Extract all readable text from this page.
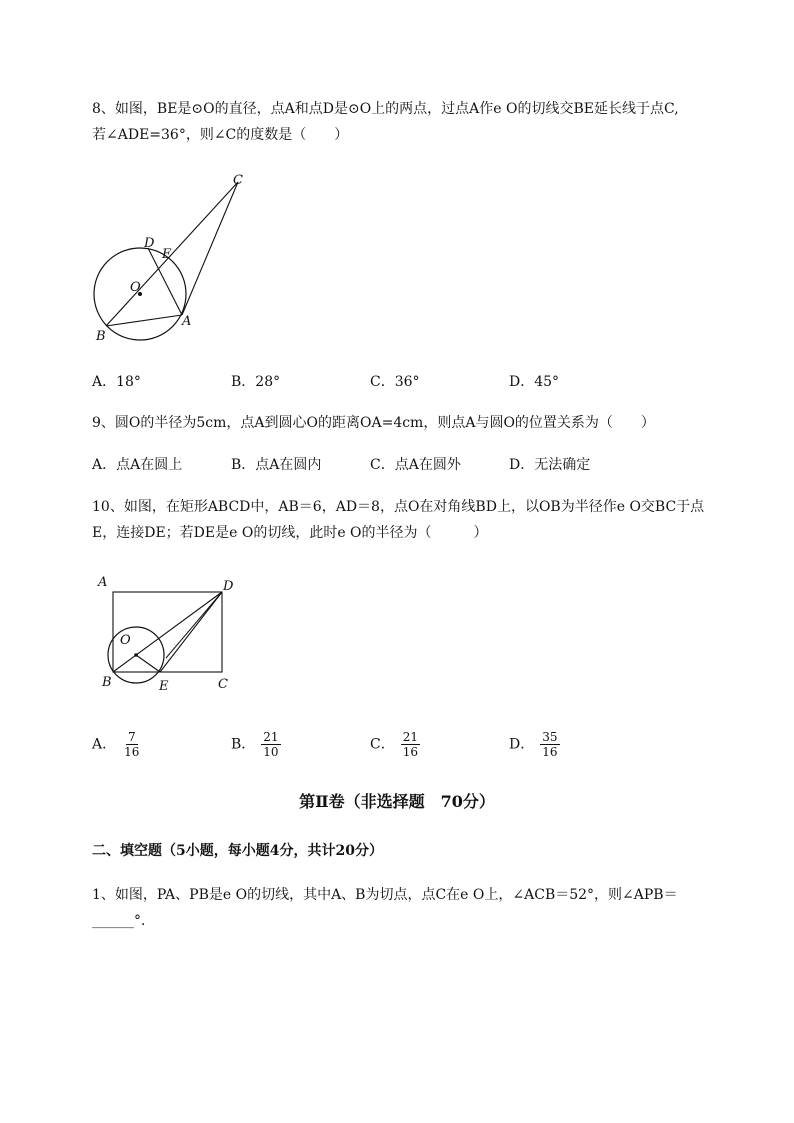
8、如图，BE是⊙O的直径，点A和点D是⊙O上的两点，过点A作e O的切线交BE延长线于点C,
若∠ADE=36°，则∠C的度数是（　　）
C
D
E
O
B
A
A．18°	B．28°	C．36°	D．45°
9、圆O的半径为5cm，点A到圆心O的距离OA=4cm，则点A与圆O的位置关系为（　　）
A．点A在圆上	B．点A在圆内	C．点A在圆外	D．无法确定
10、如图，在矩形ABCD中，AB＝6，AD＝8，点O在对角线BD上，以OB为半径作e O交BC于点
E，连接DE；若DE是e O的切线，此时e O的半径为（　　　）
A	D
O
B	E	C
A． $\frac{7}{16}$	B． $\frac{21}{10}$	C． $\frac{21}{16}$	D． $\frac{35}{16}$
第Ⅱ卷（非选择题　70分）
二、填空题（5小题，每小题4分，共计20分）
1、如图，PA、PB是e O的切线，其中A、B为切点，点C在e O上，∠ACB＝52°，则∠APB＝
______°．
